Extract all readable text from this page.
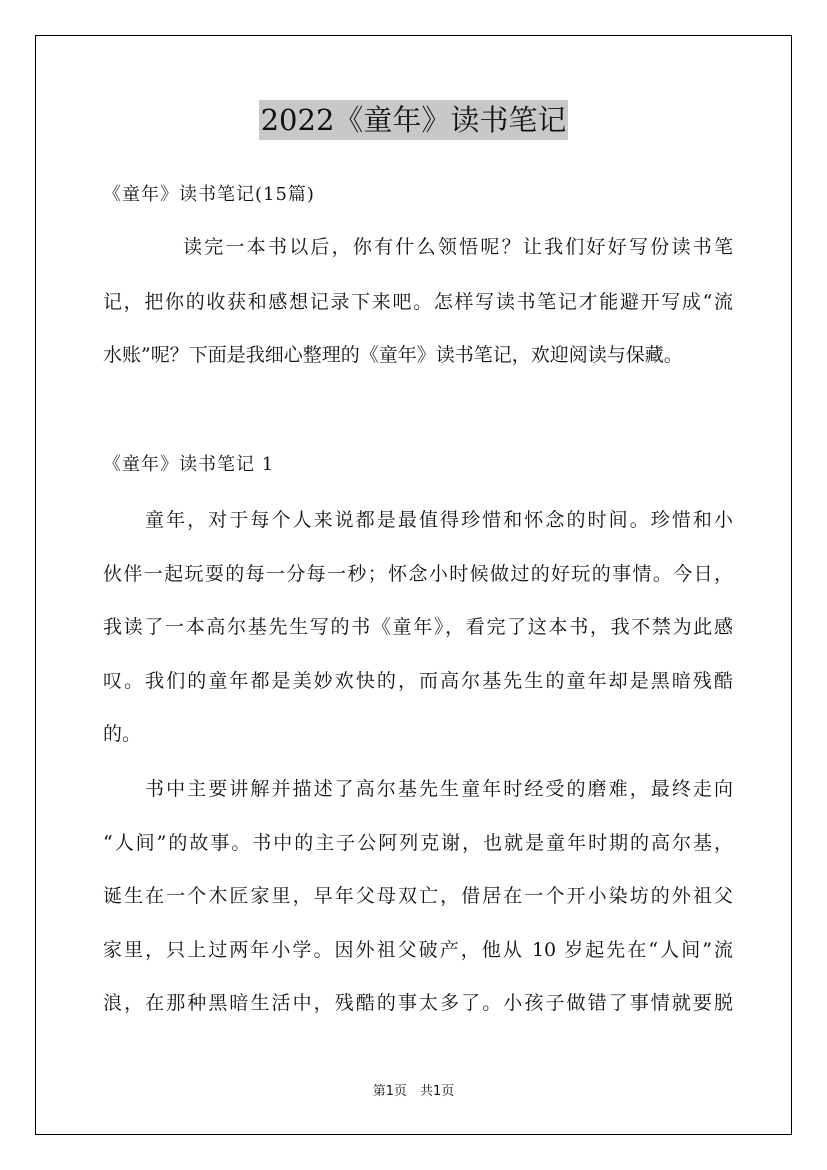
2022《童年》读书笔记
《童年》读书笔记(15篇)
读完一本书以后，你有什么领悟呢？让我们好好写份读书笔
记，把你的收获和感想记录下来吧。怎样写读书笔记才能避开写成“流
水账”呢？下面是我细心整理的《童年》读书笔记，欢迎阅读与保藏。
《童年》读书笔记 1
童年，对于每个人来说都是最值得珍惜和怀念的时间。珍惜和小
伙伴一起玩耍的每一分每一秒；怀念小时候做过的好玩的事情。今日，
我读了一本高尔基先生写的书《童年》，看完了这本书，我不禁为此感
叹。我们的童年都是美妙欢快的，而高尔基先生的童年却是黑暗残酷
的。
书中主要讲解并描述了高尔基先生童年时经受的磨难，最终走向
“人间”的故事。书中的主子公阿列克谢，也就是童年时期的高尔基，
诞生在一个木匠家里，早年父母双亡，借居在一个开小染坊的外祖父
家里，只上过两年小学。因外祖父破产，他从 10 岁起先在“人间”流
浪，在那种黑暗生活中，残酷的事太多了。小孩子做错了事情就要脱
第1页　共1页
